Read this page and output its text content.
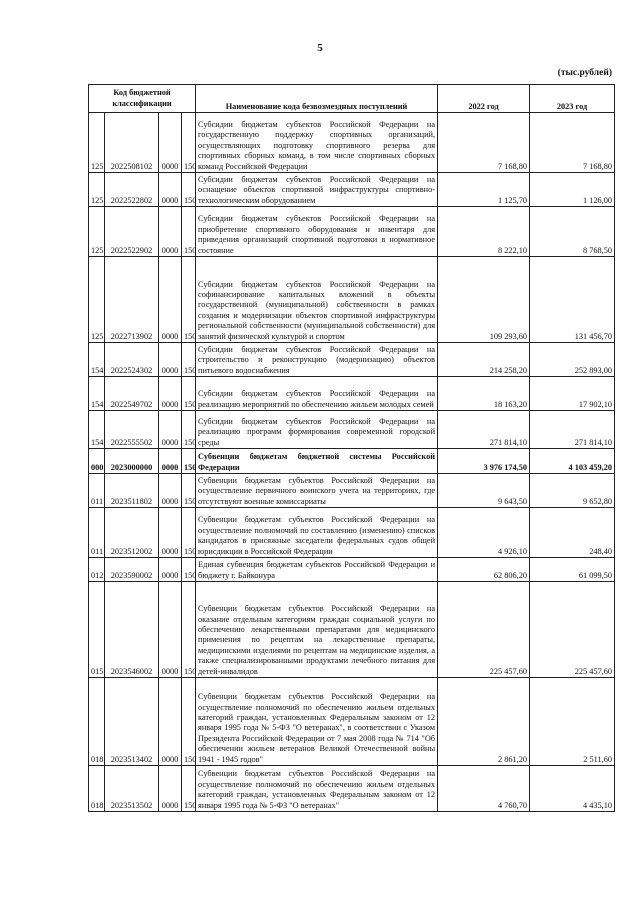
5
(тыс.рублей)
Код бюджетной классификации				Наименование кода безвозмездных поступлений	2022 год	2023 год
125	2022508102	0000	150	Субсидии бюджетам субъектов Российской Федерации на государственную поддержку спортивных организаций, осуществляющих подготовку спортивного резерва для спортивных сборных команд, в том числе спортивных сборных команд Российской Федерации	7 168,80	7 168,80
125	2022522802	0000	150	Субсидии бюджетам субъектов Российской Федерации на оснащение объектов спортивной инфраструктуры спортивно-технологическим оборудованием	1 125,70	1 126,00
125	2022522902	0000	150	Субсидии бюджетам субъектов Российской Федерации на приобретение спортивного оборудования и инвентаря для приведения организаций спортивной подготовки в нормативное состояние	8 222,10	8 768,50
125	2022713902	0000	150	Субсидии бюджетам субъектов Российской Федерации на софинансирование капитальных вложений в объекты государственной (муниципальной) собственности в рамках создания и модернизации объектов спортивной инфраструктуры региональной собственности (муниципальной собственности) для занятий физической культурой и спортом	109 293,60	131 456,70
154	2022524302	0000	150	Субсидии бюджетам субъектов Российской Федерации на строительство и реконструкцию (модернизацию) объектов питьевого водоснабжения	214 258,20	252 893,00
154	2022549702	0000	150	Субсидии бюджетам субъектов Российской Федерации на реализацию мероприятий по обеспечению жильем молодых семей	18 163,20	17 902,10
154	2022555502	0000	150	Субсидии бюджетам субъектов Российской Федерации на реализацию программ формирования современной городской среды	271 814,10	271 814,10
000	2023000000	0000	150	Субвенции бюджетам бюджетной системы Российской Федерации	3 976 174,50	4 103 459,20
011	2023511802	0000	150	Субвенции бюджетам субъектов Российской Федерации на осуществление первичного воинского учета на территориях, где отсутствуют военные комиссариаты	9 643,50	9 652,80
011	2023512002	0000	150	Субвенции бюджетам субъектов Российской Федерации на осуществление полномочий по составлению (изменению) списков кандидатов в присяжные заседатели федеральных судов общей юрисдикции в Российской Федерации	4 926,10	248,40
012	2023590002	0000	150	Единая субвенция бюджетам субъектов Российской Федерации и бюджету г. Байконура	62 806,20	61 099,50
015	2023546002	0000	150	Субвенции бюджетам субъектов Российской Федерации на оказание отдельным категориям граждан социальной услуги по обеспечению лекарственными препаратами для медицинского применения по рецептам на лекарственные препараты, медицинскими изделиями по рецептам на медицинские изделия, а также специализированными продуктами лечебного питания для детей-инвалидов	225 457,60	225 457,60
018	2023513402	0000	150	Субвенции бюджетам субъектов Российской Федерации на осуществление полномочий по обеспечению жильем отдельных категорий граждан, установленных Федеральным законом от 12 января 1995 года № 5-ФЗ "О ветеранах", в соответствии с Указом Президента Российской Федерации от 7 мая 2008 года № 714 "Об обеспечении жильем ветеранов Великой Отечественной войны 1941 - 1945 годов"	2 861,20	2 511,60
018	2023513502	0000	150	Субвенции бюджетам субъектов Российской Федерации на осуществление полномочий по обеспечению жильем отдельных категорий граждан, установленных Федеральным законом от 12 января 1995 года № 5-ФЗ "О ветеранах"	4 760,70	4 435,10
